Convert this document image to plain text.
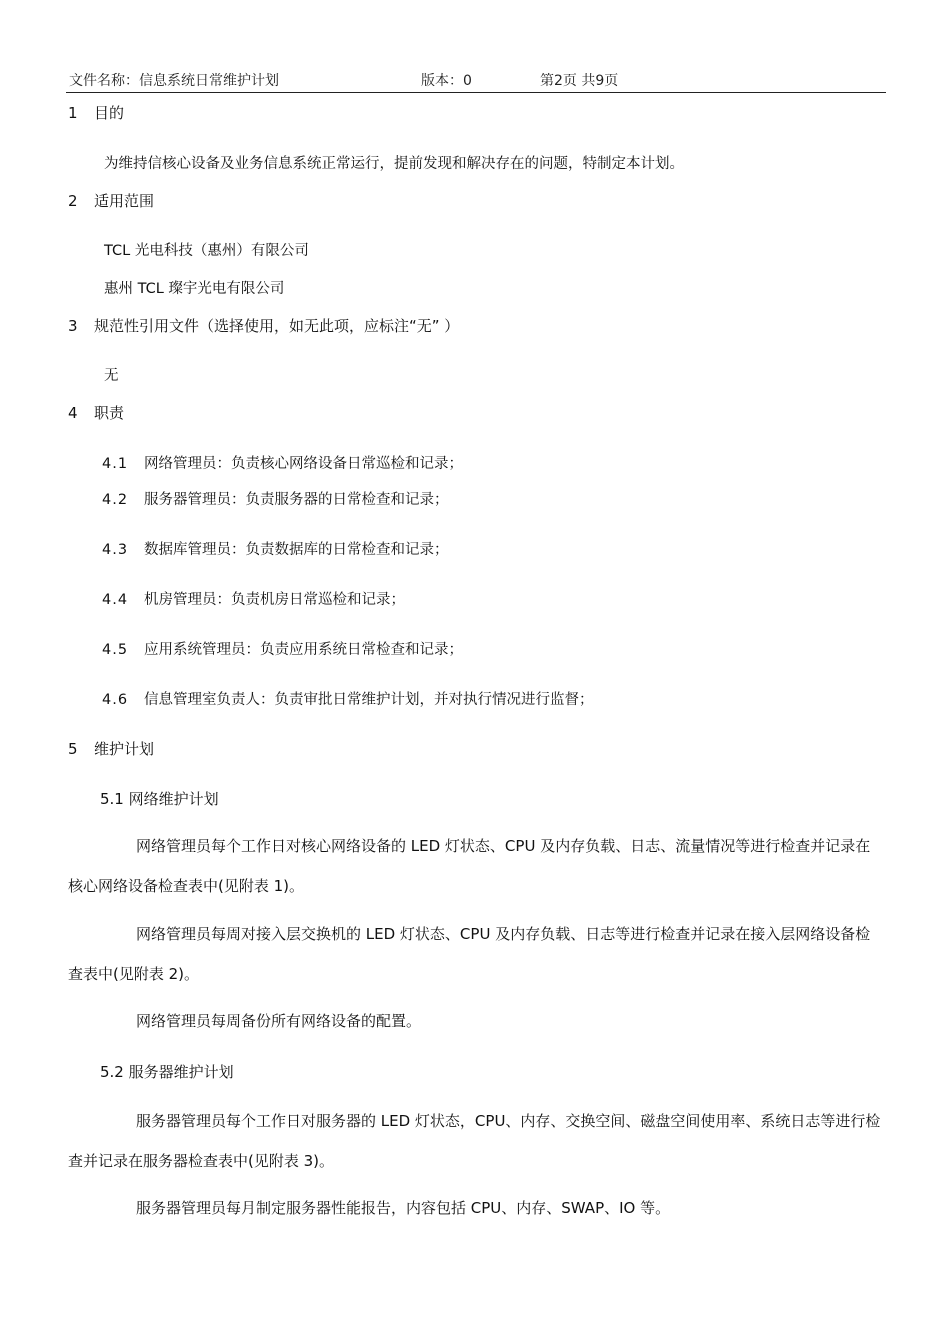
文件名称：信息系统日常维护计划	版本：0	第2页 共9页
1 目的
为维持信核心设备及业务信息系统正常运行，提前发现和解决存在的问题，特制定本计划。
2 适用范围
TCL 光电科技（惠州）有限公司
惠州 TCL 璨宇光电有限公司
3 规范性引用文件（选择使用，如无此项，应标注“无” ）
无
4 职责
4.1 网络管理员：负责核心网络设备日常巡检和记录；
4.2 服务器管理员：负责服务器的日常检查和记录；
4.3 数据库管理员：负责数据库的日常检查和记录；
4.4 机房管理员：负责机房日常巡检和记录；
4.5 应用系统管理员：负责应用系统日常检查和记录；
4.6 信息管理室负责人：负责审批日常维护计划，并对执行情况进行监督；
5 维护计划
5.1 网络维护计划
网络管理员每个工作日对核心网络设备的 LED 灯状态、CPU 及内存负载、日志、流量情况等进行检查并记录在核心网络设备检查表中(见附表 1)。
网络管理员每周对接入层交换机的 LED 灯状态、CPU 及内存负载、日志等进行检查并记录在接入层网络设备检查表中(见附表 2)。
网络管理员每周备份所有网络设备的配置。
5.2 服务器维护计划
服务器管理员每个工作日对服务器的 LED 灯状态，CPU、内存、交换空间、磁盘空间使用率、系统日志等进行检查并记录在服务器检查表中(见附表 3)。
服务器管理员每月制定服务器性能报告，内容包括 CPU、内存、SWAP、IO 等。
